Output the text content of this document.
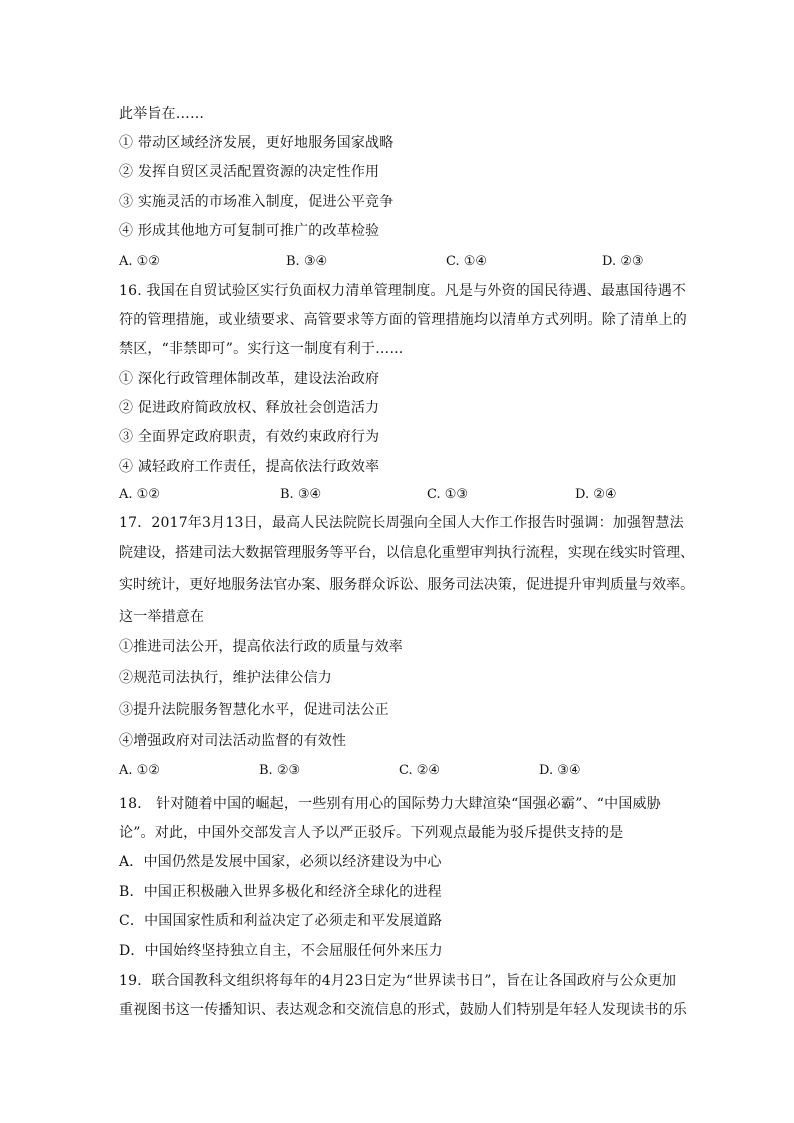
此举旨在……
① 带动区域经济发展，更好地服务国家战略
② 发挥自贸区灵活配置资源的决定性作用
③ 实施灵活的市场准入制度，促进公平竞争
④ 形成其他地方可复制可推广的改革检验
A. ①②	B. ③④	C. ①④	D. ②③
16. 我国在自贸试验区实行负面权力清单管理制度。凡是与外资的国民待遇、最惠国待遇不
符的管理措施，或业绩要求、高管要求等方面的管理措施均以清单方式列明。除了清单上的
禁区，“非禁即可”。实行这一制度有利于……
① 深化行政管理体制改革，建设法治政府
② 促进政府简政放权、释放社会创造活力
③ 全面界定政府职责，有效约束政府行为
④ 减轻政府工作责任，提高依法行政效率
A. ①②	B. ③④	C. ①③	D. ②④
17．2017年3月13日，最高人民法院院长周强向全国人大作工作报告时强调：加强智慧法
院建设，搭建司法大数据管理服务等平台，以信息化重塑审判执行流程，实现在线实时管理、
实时统计，更好地服务法官办案、服务群众诉讼、服务司法决策，促进提升审判质量与效率。
这一举措意在
①推进司法公开，提高依法行政的质量与效率
②规范司法执行，维护法律公信力
③提升法院服务智慧化水平，促进司法公正
④增强政府对司法活动监督的有效性
A. ①②	B. ②③	C. ②④	D. ③④
18． 针对随着中国的崛起，一些别有用心的国际势力大肆渲染“国强必霸”、“中国威胁
论”。对此，中国外交部发言人予以严正驳斥。下列观点最能为驳斥提供支持的是
A．中国仍然是发展中国家，必须以经济建设为中心
B．中国正积极融入世界多极化和经济全球化的进程
C．中国国家性质和利益决定了必须走和平发展道路
D．中国始终坚持独立自主，不会屈服任何外来压力
19．联合国教科文组织将每年的4月23日定为“世界读书日”，旨在让各国政府与公众更加
重视图书这一传播知识、表达观念和交流信息的形式，鼓励人们特别是年轻人发现读书的乐
